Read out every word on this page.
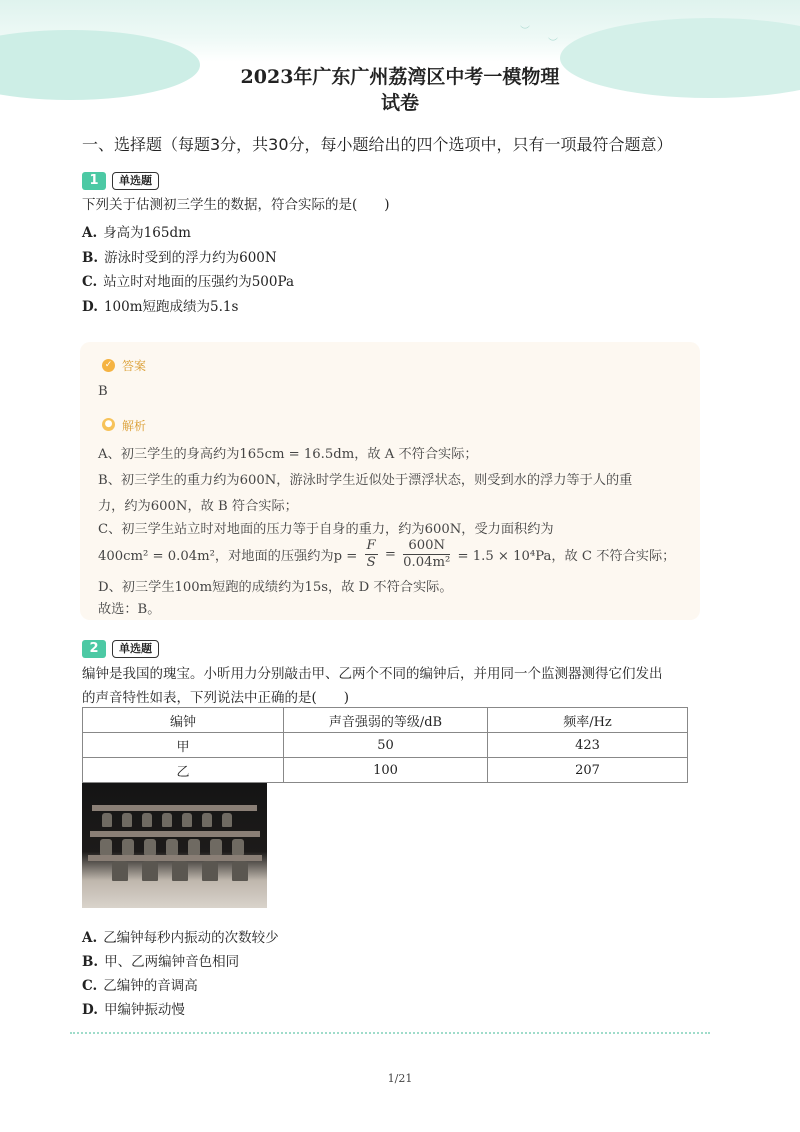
︶
︶
2023年广东广州荔湾区中考一模物理
试卷
一、选择题（每题3分，共30分，每小题给出的四个选项中，只有一项最符合题意）
1	单选题
下列关于估测初三学生的数据，符合实际的是(　　)
A. 身高为165dm
B. 游泳时受到的浮力约为600N
C. 站立时对地面的压强约为500Pa
D. 100m短跑成绩为5.1s
✓ 答案
B
● 解析
A、初三学生的身高约为165cm = 16.5dm，故 A 不符合实际；
B、初三学生的重力约为600N，游泳时学生近似处于漂浮状态，则受到水的浮力等于人的重
力，约为600N，故 B 符合实际；
C、初三学生站立时对地面的压力等于自身的重力，约为600N，受力面积约为
400cm² = 0.04m²，对地面的压强约为$p = \frac{F}{S} = \frac{600N}{\text{0.04m²}} = 1.5 \times 10^4Pa$，故 C 不符合实际；
D、初三学生100m短跑的成绩约为15s，故 D 不符合实际。
故选：B。
2	单选题
编钟是我国的瑰宝。小昕用力分别敲击甲、乙两个不同的编钟后，并用同一个监测器测得它们发出
的声音特性如表，下列说法中正确的是(　　)
编钟	声音强弱的等级/dB	频率/Hz
甲	50	423
乙	100	207
A. 乙编钟每秒内振动的次数较少
B. 甲、乙两编钟音色相同
C. 乙编钟的音调高
D. 甲编钟振动慢
1/21
